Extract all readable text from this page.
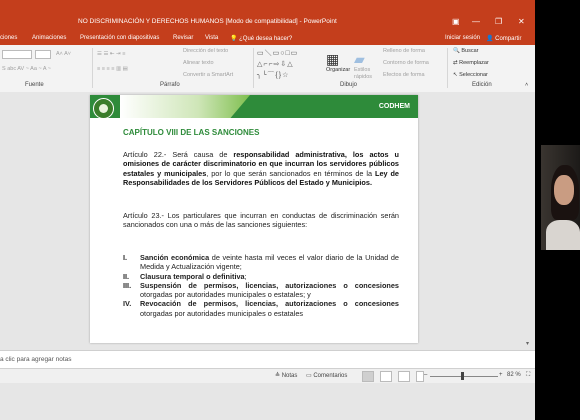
NO DISCRIMINACIÓN Y DERECHOS HUMANOS [Modo de compatibilidad] - PowerPoint	▣ — ❐ ✕
ciones Animaciones Presentación con diapositivas Revisar Vista 💡 ¿Qué desea hacer?	Iniciar sesión 👤 Compartir
A˄ A˅
S abc AV ~ Aa ~ A ~
Fuente
☰ ☰ ⇤ ⇥ ≡
≡ ≡ ≡ ≡ ▥ ▤
Dirección del texto
Alinear texto
Convertir a SmartArt
Párrafo
▭＼▭○□▭
△⌐⌐⇨⇩△
╮╰⌒{}☆
▦
Organizar
▰
Estilos rápidos
Relleno de forma
Contorno de forma
Efectos de forma
Dibujo
🔍 Buscar
⇄ Reemplazar
↖ Seleccionar
Edición	˄
CODHEM
CAPÍTULO VIII DE LAS SANCIONES
Artículo 22.- Será causa de responsabilidad administrativa, los actos u omisiones de carácter discriminatorio en que incurran los servidores públicos estatales y municipales, por lo que serán sancionados en términos de la Ley de Responsabilidades de los Servidores Públicos del Estado y Municipios.
Artículo 23.- Los particulares que incurran en conductas de discriminación serán sancionados con una o más de las sanciones siguientes:
I. Sanción económica de veinte hasta mil veces el valor diario de la Unidad de Medida y Actualización vigente;
II. Clausura temporal o definitiva;
III. Suspensión de permisos, licencias, autorizaciones o concesiones otorgadas por autoridades municipales o estatales; y
IV. Revocación de permisos, licencias, autorizaciones o concesiones otorgadas por autoridades municipales o estatales
▾
a clic para agregar notas
≜ Notas ▭ Comentarios	–	+ 82 % ⛶
